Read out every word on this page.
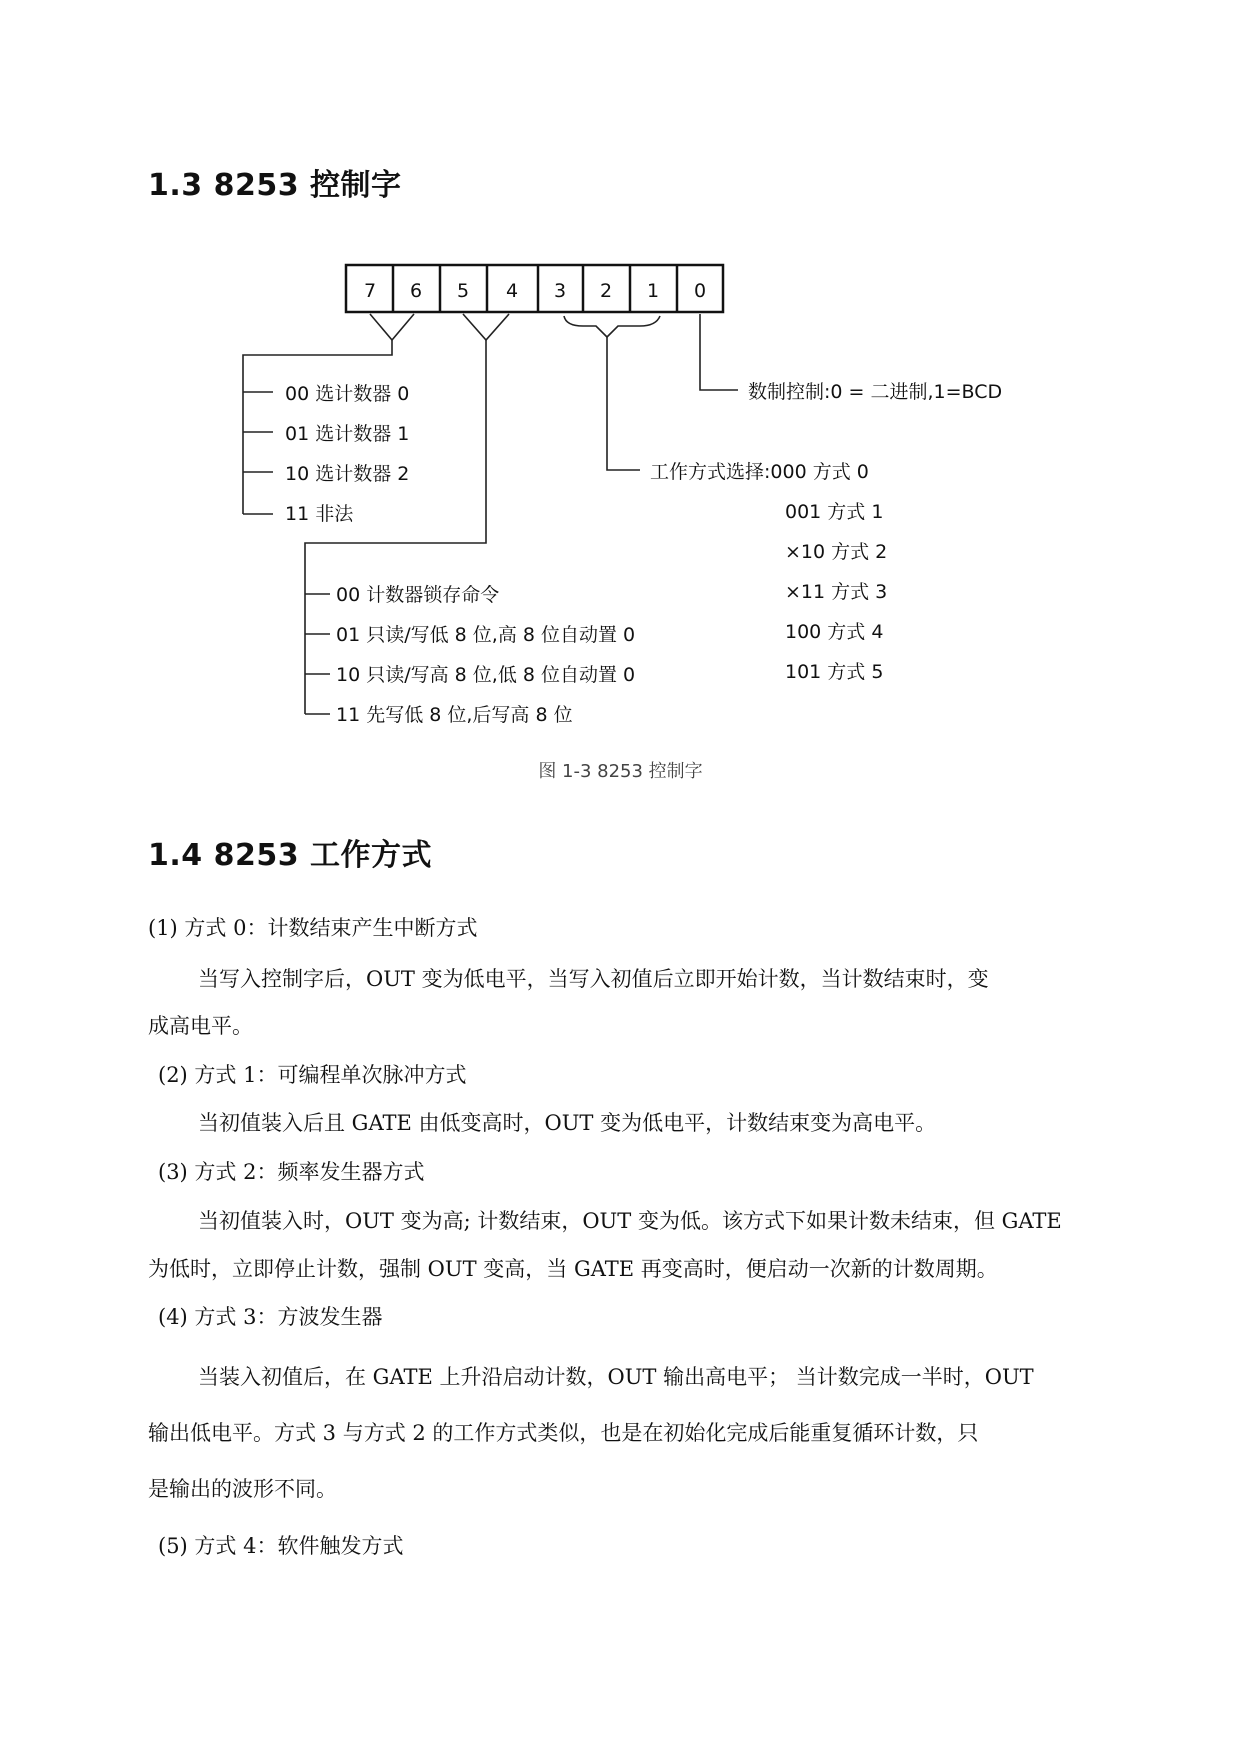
1.3 8253 控制字
7 6 5 4 3 2 1 0
00 选计数器 0
01 选计数器 1
10 选计数器 2
11 非法
00 计数器锁存命令
01 只读/写低 8 位,高 8 位自动置 0
10 只读/写高 8 位,低 8 位自动置 0
11 先写低 8 位,后写高 8 位
数制控制:0 = 二进制,1=BCD
工作方式选择:000 方式 0
001 方式 1
×10 方式 2
×11 方式 3
100 方式 4
101 方式 5
图 1-3 8253 控制字
1.4 8253 工作方式

(1) 方式 0：计数结束产生中断方式

当写入控制字后，OUT 变为低电平，当写入初值后立即开始计数，当计数结束时，变

成高电平。

(2) 方式 1：可编程单次脉冲方式

当初值装入后且 GATE 由低变高时，OUT 变为低电平，计数结束变为高电平。

(3) 方式 2：频率发生器方式

当初值装入时，OUT 变为高; 计数结束，OUT 变为低。该方式下如果计数未结束，但 GATE

为低时，立即停止计数，强制 OUT 变高，当 GATE 再变高时，便启动一次新的计数周期。

(4) 方式 3：方波发生器

当装入初值后，在 GATE 上升沿启动计数，OUT 输出高电平； 当计数完成一半时，OUT

输出低电平。方式 3 与方式 2 的工作方式类似，也是在初始化完成后能重复循环计数，只

是输出的波形不同。

(5) 方式 4：软件触发方式
